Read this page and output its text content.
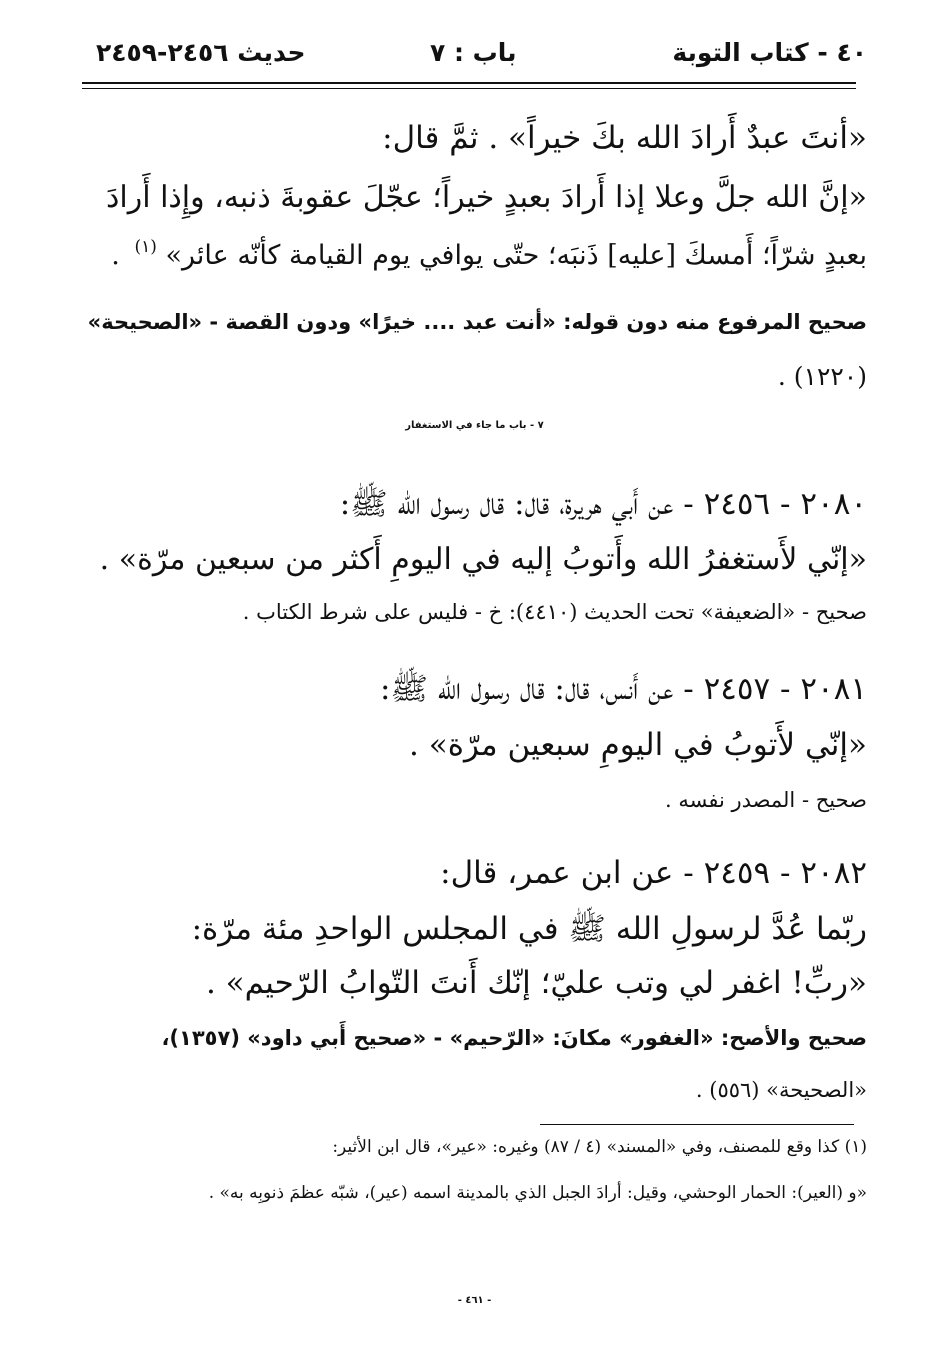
٤٠ - كتاب التوبة
باب : ٧
حديث ٢٤٥٦-٢٤٥٩
«أنتَ عبدٌ أَرادَ الله بكَ خيراً» . ثمَّ قال:
«إنَّ الله جلَّ وعلا إذا أَرادَ بعبدٍ خيراً؛ عجّلَ عقوبةَ ذنبه، وإِذا أَرادَ
بعبدٍ شرّاً؛ أَمسكَ [عليه] ذَنبَه؛ حتّى يوافي يوم القيامة كأنّه عائر» $^{(١)}$ .
صحيح المرفوع منه دون قوله: «أنت عبد .... خيرًا» ودون القصة - «الصحيحة»
(١٢٢٠) .
٧ - باب ما جاء في الاستغفار
٢٠٨٠ - ٢٤٥٦ - عن أَبي هريرة، قال: قال رسول الله ﷺ:
«إنّي لأَستغفرُ الله وأَتوبُ إليه في اليومِ أَكثر من سبعين مرّة» .
صحيح - «الضعيفة» تحت الحديث (٤٤١٠): خ - فليس على شرط الكتاب .
٢٠٨١ - ٢٤٥٧ - عن أَنس، قال: قال رسول الله ﷺ:
«إنّي لأَتوبُ في اليومِ سبعين مرّة» .
صحيح - المصدر نفسه .
٢٠٨٢ - ٢٤٥٩ - عن ابن عمر، قال:
ربّما عُدَّ لرسولِ الله ﷺ في المجلس الواحدِ مئة مرّة:
«ربِّ! اغفر لي وتب عليّ؛ إنّك أَنتَ التّوابُ الرّحيم» .
صحيح والأصح: «الغفور» مكانَ: «الرّحيم» - «صحيح أَبي داود» (١٣٥٧)،
«الصحيحة» (٥٥٦) .
(١) كذا وقع للمصنف، وفي «المسند» (٤ / ٨٧) وغيره: «عير»، قال ابن الأثير:
«و (العير): الحمار الوحشي، وقيل: أرادَ الجبل الذي بالمدينة اسمه (عير)، شبّه عظمَ ذنوبِه به» .
- ٤٦١ -
